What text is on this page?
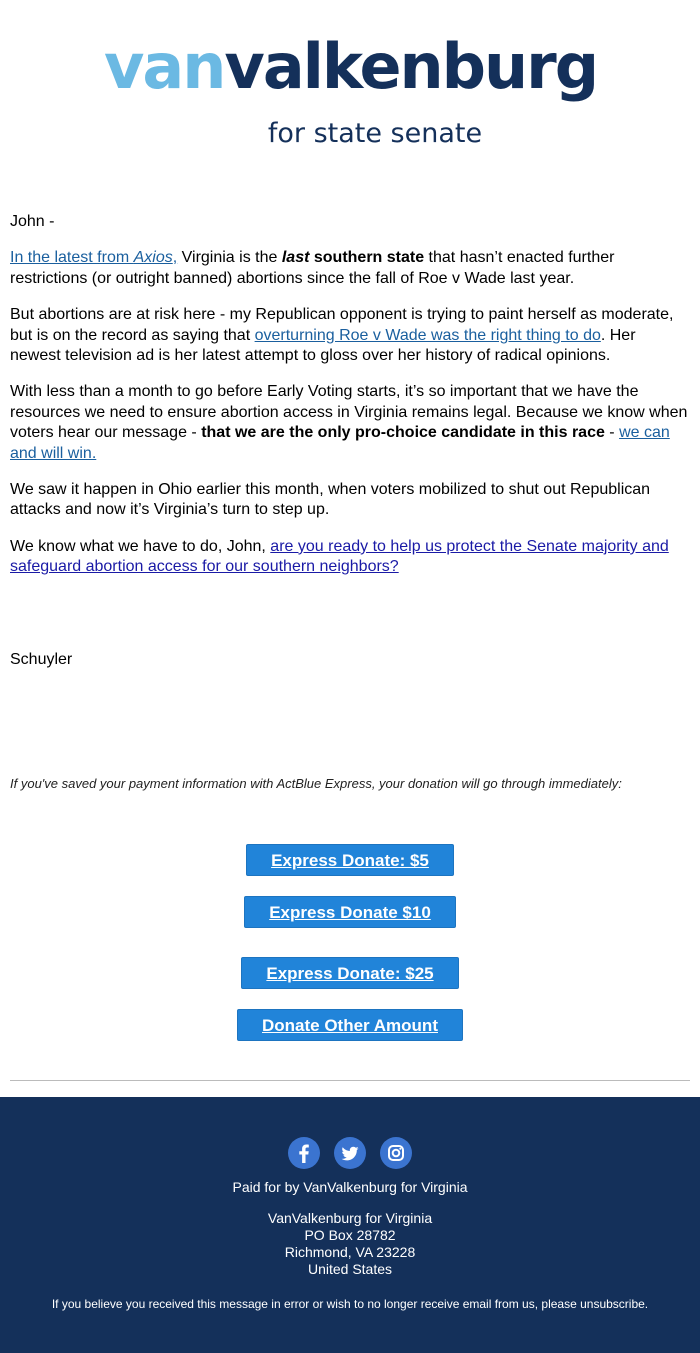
vanvalkenburg
for state senate

John -

In the latest from Axios, Virginia is the last southern state that hasn’t enacted further restrictions (or outright banned) abortions since the fall of Roe v Wade last year.

But abortions are at risk here - my Republican opponent is trying to paint herself as moderate, but is on the record as saying that overturning Roe v Wade was the right thing to do. Her newest television ad is her latest attempt to gloss over her history of radical opinions.

With less than a month to go before Early Voting starts, it’s so important that we have the resources we need to ensure abortion access in Virginia remains legal. Because we know when voters hear our message - that we are the only pro-choice candidate in this race - we can and will win.

We saw it happen in Ohio earlier this month, when voters mobilized to shut out Republican attacks and now it’s Virginia’s turn to step up.

We know what we have to do, John, are you ready to help us protect the Senate majority and safeguard abortion access for our southern neighbors?

Schuyler
If you've saved your payment information with ActBlue Express, your donation will go through immediately:
Express Donate: $5
Express Donate $10
Express Donate: $25
Donate Other Amount
Paid for by VanValkenburg for Virginia
VanValkenburg for Virginia
PO Box 28782
Richmond, VA 23228
United States
If you believe you received this message in error or wish to no longer receive email from us, please unsubscribe.
